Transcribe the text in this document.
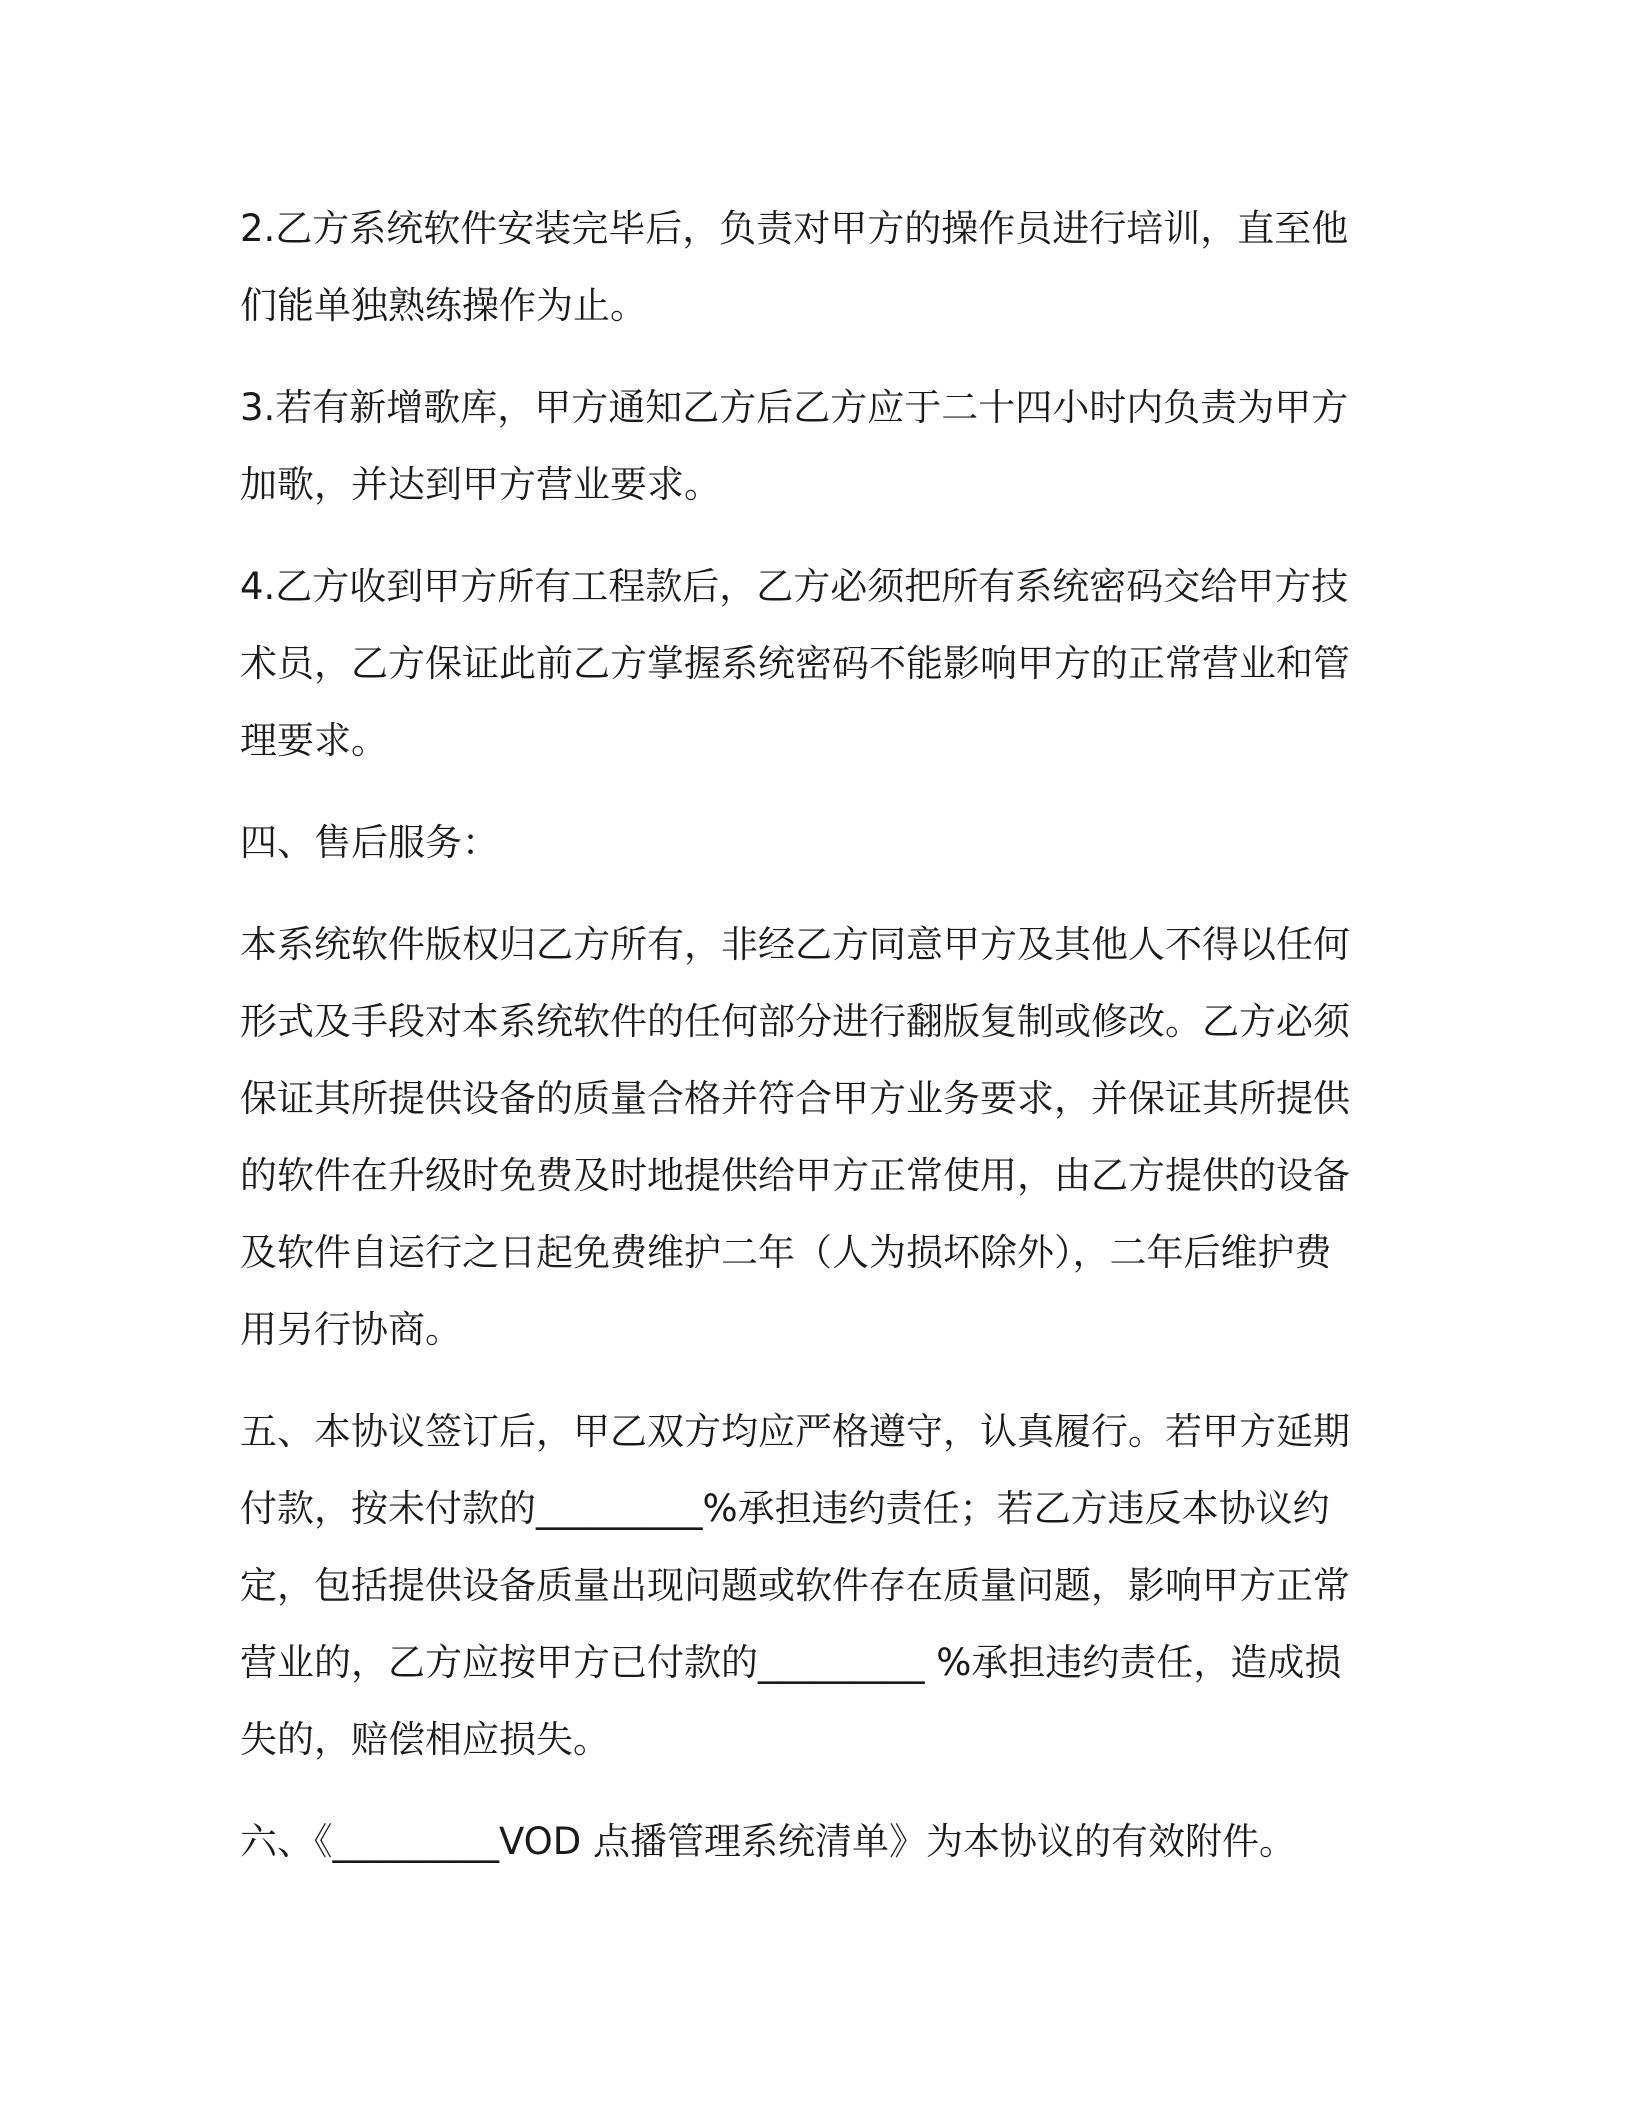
2.乙方系统软件安装完毕后，负责对甲方的操作员进行培训，直至他
们能单独熟练操作为止。
3.若有新增歌库，甲方通知乙方后乙方应于二十四小时内负责为甲方
加歌，并达到甲方营业要求。
4.乙方收到甲方所有工程款后，乙方必须把所有系统密码交给甲方技
术员，乙方保证此前乙方掌握系统密码不能影响甲方的正常营业和管
理要求。
四、售后服务：
本系统软件版权归乙方所有，非经乙方同意甲方及其他人不得以任何
形式及手段对本系统软件的任何部分进行翻版复制或修改。乙方必须
保证其所提供设备的质量合格并符合甲方业务要求，并保证其所提供
的软件在升级时免费及时地提供给甲方正常使用，由乙方提供的设备
及软件自运行之日起免费维护二年（人为损坏除外），二年后维护费
用另行协商。
五、本协议签订后，甲乙双方均应严格遵守，认真履行。若甲方延期
付款，按未付款的_________%承担违约责任；若乙方违反本协议约
定，包括提供设备质量出现问题或软件存在质量问题，影响甲方正常
营业的，乙方应按甲方已付款的_________ %承担违约责任，造成损
失的，赔偿相应损失。
六、《_________VOD 点播管理系统清单》为本协议的有效附件。
